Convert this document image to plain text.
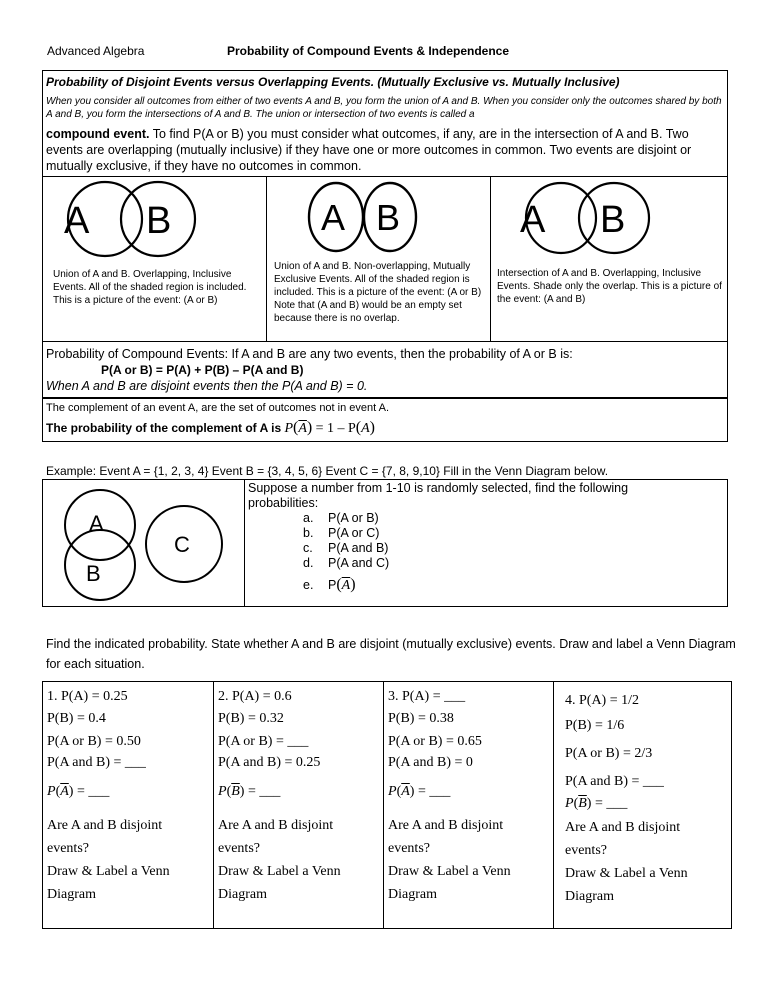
Advanced Algebra	Probability of Compound Events & Independence
Probability of Disjoint Events versus Overlapping Events. (Mutually Exclusive vs. Mutually Inclusive)
When you consider all outcomes from either of two events A and B, you form the union of A and B. When you consider only the outcomes shared by both A and B, you form the intersections of A and B. The union or intersection of two events is called a
compound event. To find P(A or B) you must consider what outcomes, if any, are in the intersection of A and B. Two events are overlapping (mutually inclusive) if they have one or more outcomes in common. Two events are disjoint or mutually exclusive, if they have no outcomes in common.
A B
Union of A and B. Overlapping, Inclusive Events. All of the shaded region is included. This is a picture of the event: (A or B)
A B
Union of A and B. Non-overlapping, Mutually Exclusive Events. All of the shaded region is included. This is a picture of the event: (A or B) Note that (A and B) would be an empty set because there is no overlap.
A B
Intersection of A and B. Overlapping, Inclusive Events. Shade only the overlap. This is a picture of the event: (A and B)
Probability of Compound Events: If A and B are any two events, then the probability of A or B is:
P(A or B) = P(A) + P(B) – P(A and B)
When A and B are disjoint events then the P(A and B) = 0.
The complement of an event A, are the set of outcomes not in event A.
The probability of the complement of A is $P(\overline{A}) = 1 - P(A)$
Example: Event A = {1, 2, 3, 4} Event B = {3, 4, 5, 6} Event C = {7, 8, 9,10} Fill in the Venn Diagram below.
A
B
C
Suppose a number from 1-10 is randomly selected, find the following probabilities:
a. P(A or B)
b. P(A or C)
c. P(A and B)
d. P(A and C)
e. $P(\overline{A})$
Find the indicated probability. State whether A and B are disjoint (mutually exclusive) events. Draw and label a Venn Diagram for each situation.
1. P(A) = 0.25
P(B) = 0.4
P(A or B) = 0.50
P(A and B) = ___
$P(\overline{A})$ = ___
Are A and B disjoint
events?
Draw & Label a Venn
Diagram
2. P(A) = 0.6
P(B) = 0.32
P(A or B) = ___
P(A and B) = 0.25
$P(\overline{B})$ = ___
Are A and B disjoint
events?
Draw & Label a Venn
Diagram
3. P(A) = ___
P(B) = 0.38
P(A or B) = 0.65
P(A and B) = 0
$P(\overline{A})$ = ___
Are A and B disjoint
events?
Draw & Label a Venn
Diagram
4. P(A) = 1/2
P(B) = 1/6
P(A or B) = 2/3
P(A and B) = ___
$P(\overline{B})$ = ___
Are A and B disjoint
events?
Draw & Label a Venn
Diagram
